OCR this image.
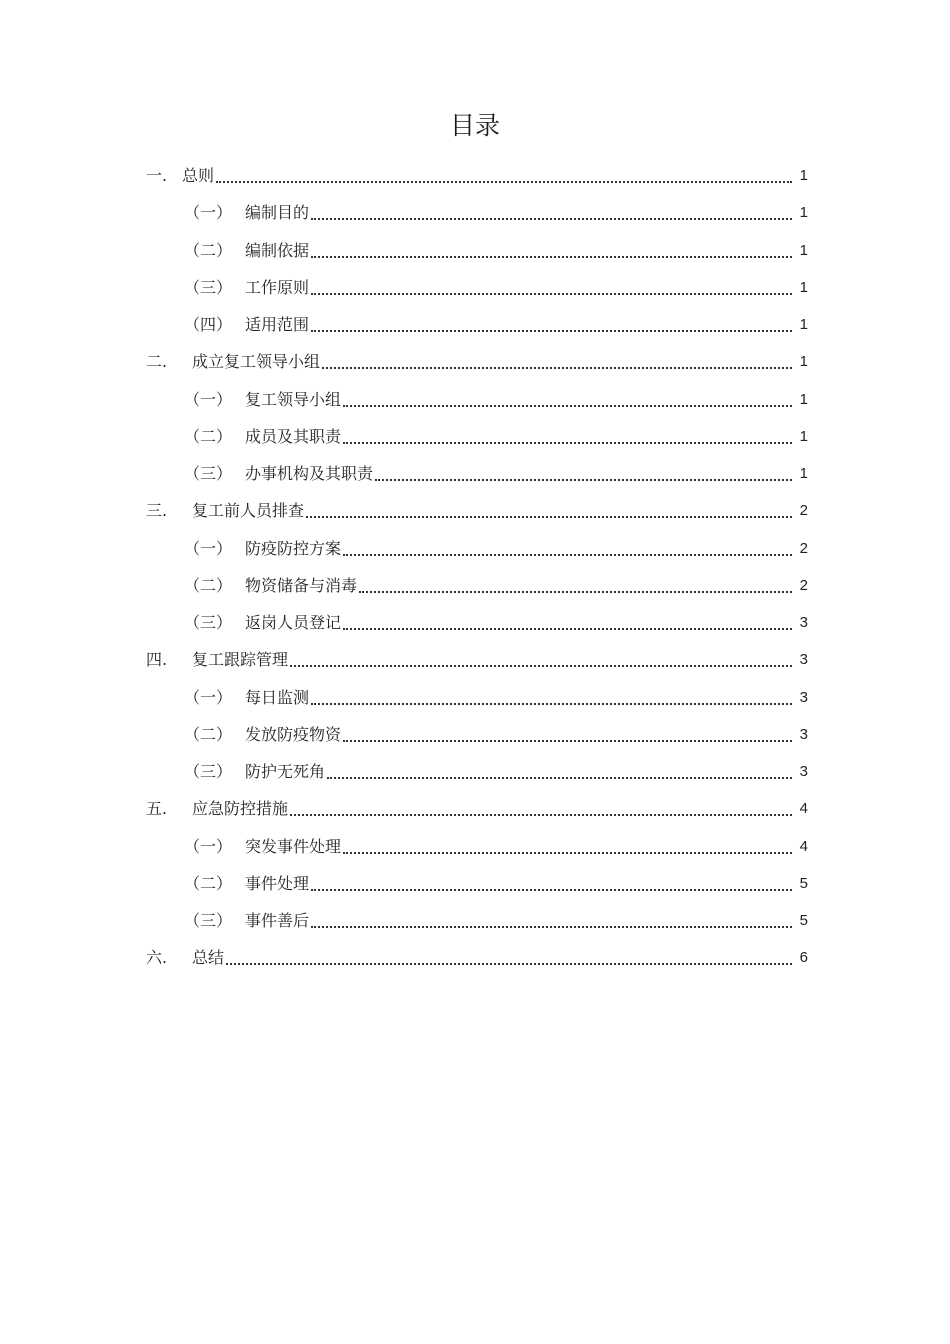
目录
一. 总则	1
（一） 编制目的	1
（二） 编制依据	1
（三） 工作原则	1
（四） 适用范围	1
二. 成立复工领导小组	1
（一） 复工领导小组	1
（二） 成员及其职责	1
（三） 办事机构及其职责	1
三. 复工前人员排查	2
（一） 防疫防控方案	2
（二） 物资储备与消毒	2
（三） 返岗人员登记	3
四. 复工跟踪管理	3
（一） 每日监测	3
（二） 发放防疫物资	3
（三） 防护无死角	3
五. 应急防控措施	4
（一） 突发事件处理	4
（二） 事件处理	5
（三） 事件善后	5
六. 总结	6
